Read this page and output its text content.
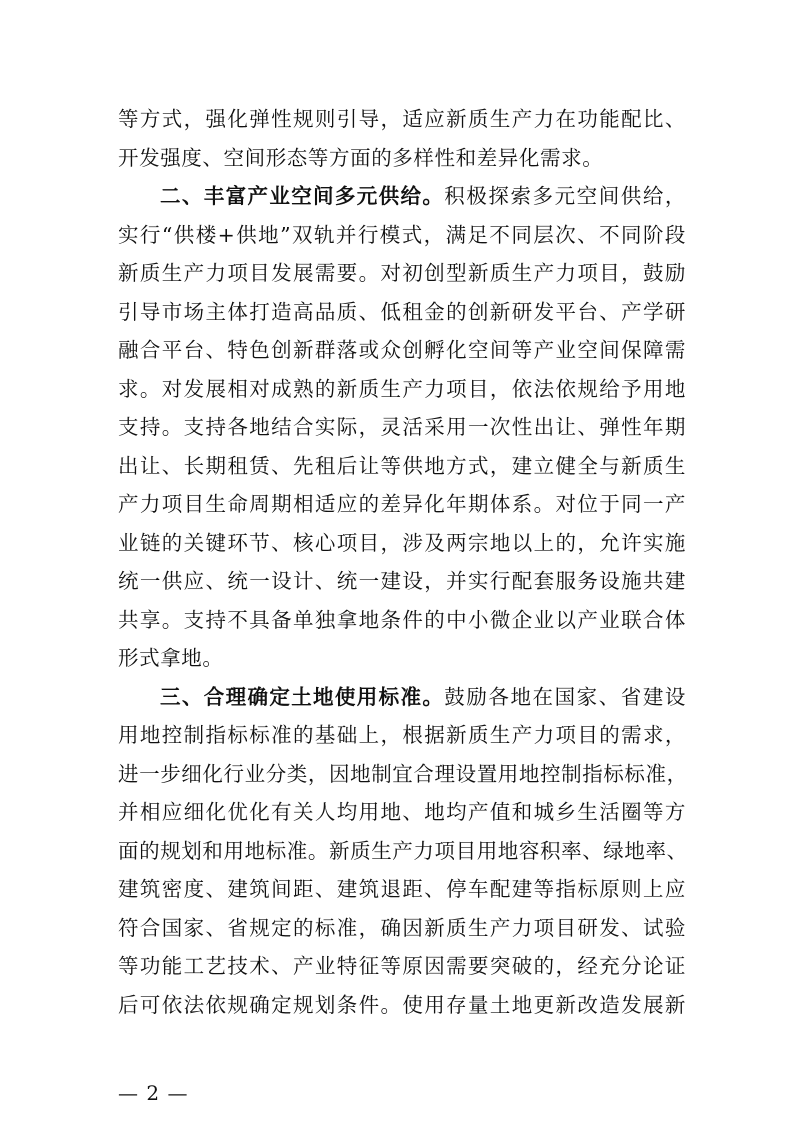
等方式，强化弹性规则引导，适应新质生产力在功能配比、
开发强度、空间形态等方面的多样性和差异化需求。
二、丰富产业空间多元供给。积极探索多元空间供给，
实行“供楼+供地”双轨并行模式，满足不同层次、不同阶段
新质生产力项目发展需要。对初创型新质生产力项目，鼓励
引导市场主体打造高品质、低租金的创新研发平台、产学研
融合平台、特色创新群落或众创孵化空间等产业空间保障需
求。对发展相对成熟的新质生产力项目，依法依规给予用地
支持。支持各地结合实际，灵活采用一次性出让、弹性年期
出让、长期租赁、先租后让等供地方式，建立健全与新质生
产力项目生命周期相适应的差异化年期体系。对位于同一产
业链的关键环节、核心项目，涉及两宗地以上的，允许实施
统一供应、统一设计、统一建设，并实行配套服务设施共建
共享。支持不具备单独拿地条件的中小微企业以产业联合体
形式拿地。
三、合理确定土地使用标准。鼓励各地在国家、省建设
用地控制指标标准的基础上，根据新质生产力项目的需求，
进一步细化行业分类，因地制宜合理设置用地控制指标标准，
并相应细化优化有关人均用地、地均产值和城乡生活圈等方
面的规划和用地标准。新质生产力项目用地容积率、绿地率、
建筑密度、建筑间距、建筑退距、停车配建等指标原则上应
符合国家、省规定的标准，确因新质生产力项目研发、试验
等功能工艺技术、产业特征等原因需要突破的，经充分论证
后可依法依规确定规划条件。使用存量土地更新改造发展新
— 2 —
